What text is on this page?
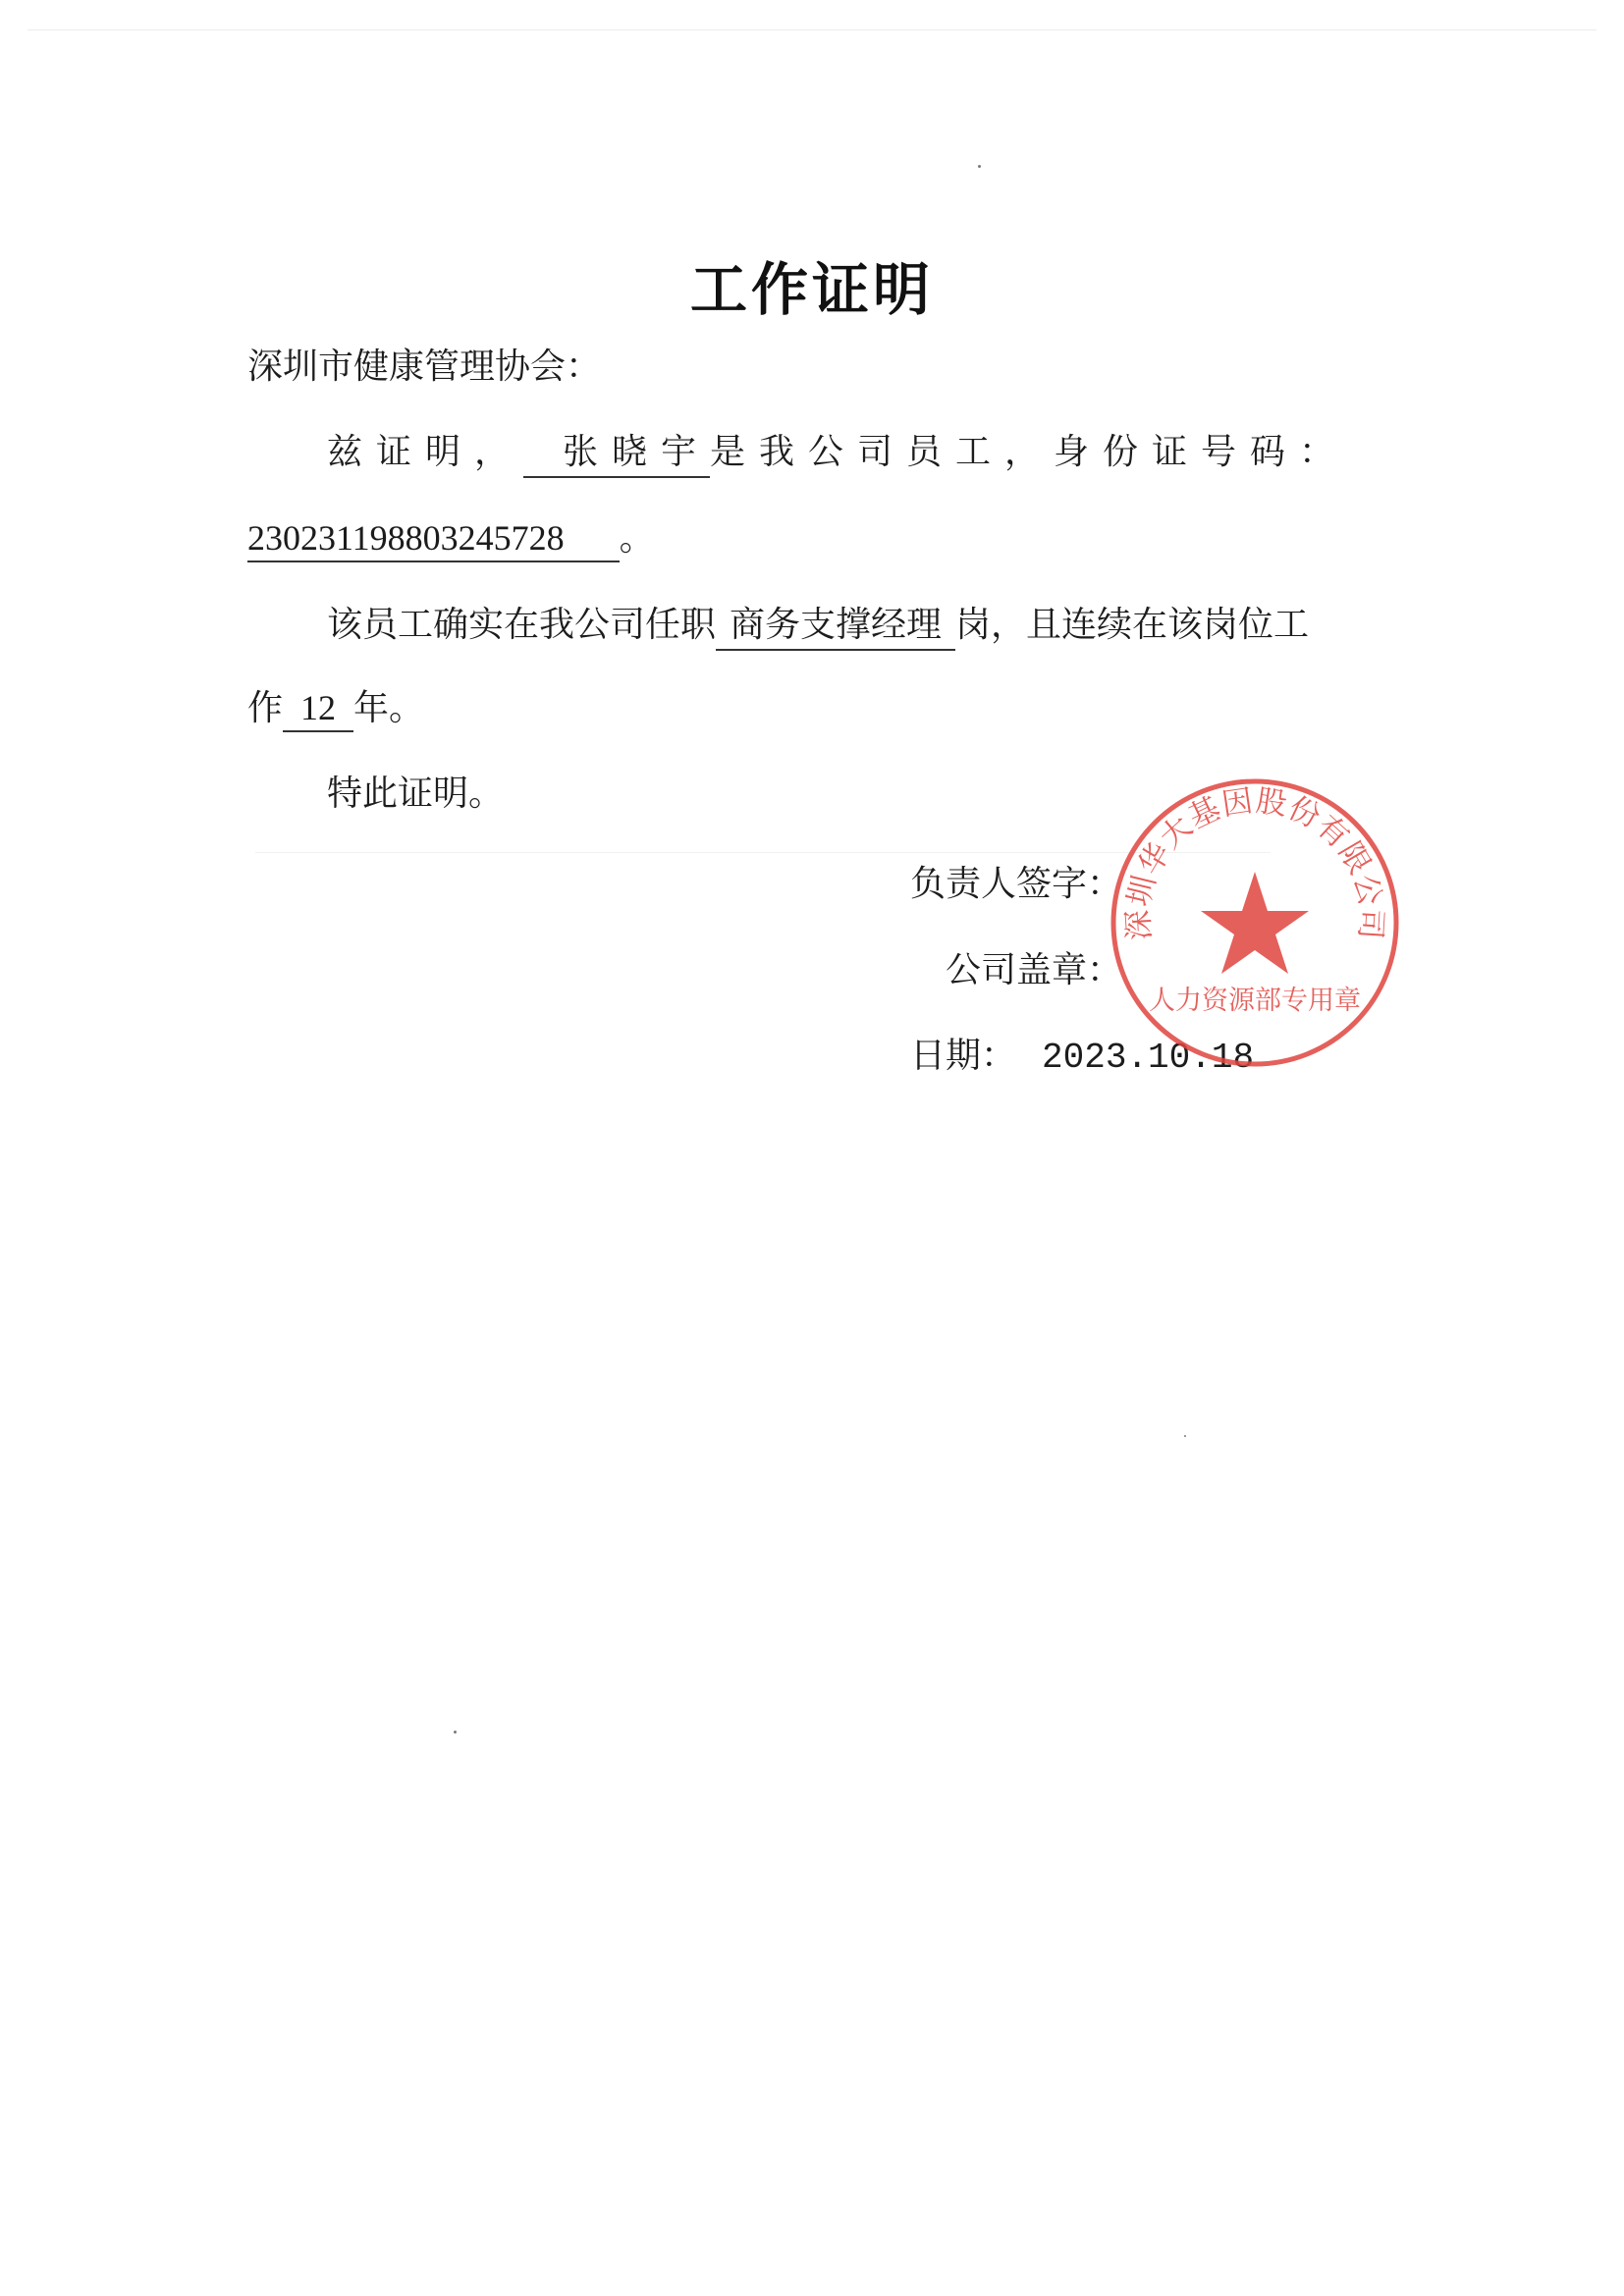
工作证明
深圳市健康管理协会：
兹证明， 张晓宇是我公司员工，身份证号码：
230231198803245728 。
该员工确实在我公司任职 商务支撑经理 岗，且连续在该岗位工
作 12 年。
特此证明。
负责人签字：
公司盖章：
日期： 2023.10.18
深圳华大基因股份有限公司
人力资源部专用章
